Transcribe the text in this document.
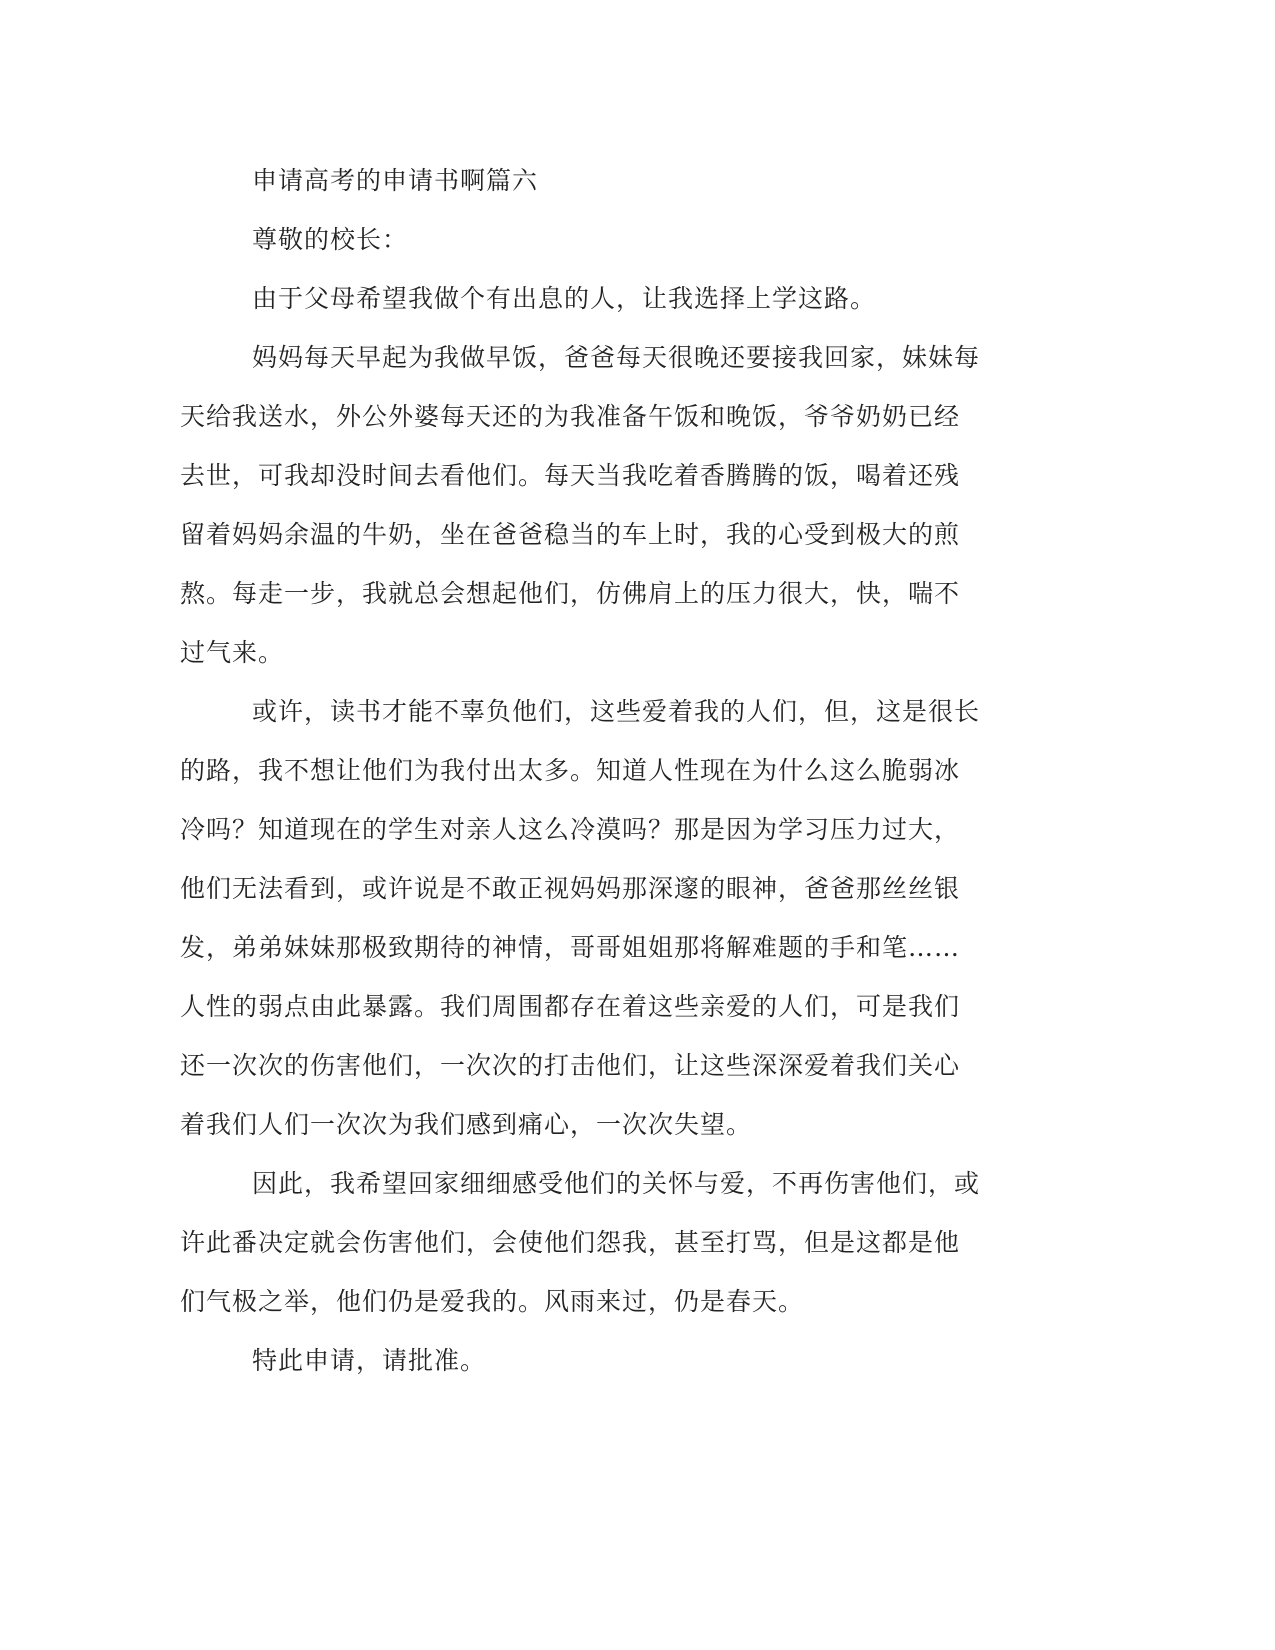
申请高考的申请书啊篇六
尊敬的校长：
由于父母希望我做个有出息的人，让我选择上学这路。
妈妈每天早起为我做早饭，爸爸每天很晚还要接我回家，妹妹每
天给我送水，外公外婆每天还的为我准备午饭和晚饭，爷爷奶奶已经
去世，可我却没时间去看他们。每天当我吃着香腾腾的饭，喝着还残
留着妈妈余温的牛奶，坐在爸爸稳当的车上时，我的心受到极大的煎
熬。每走一步，我就总会想起他们，仿佛肩上的压力很大，快，喘不
过气来。
或许，读书才能不辜负他们，这些爱着我的人们，但，这是很长
的路，我不想让他们为我付出太多。知道人性现在为什么这么脆弱冰
冷吗？知道现在的学生对亲人这么冷漠吗？那是因为学习压力过大，
他们无法看到，或许说是不敢正视妈妈那深邃的眼神，爸爸那丝丝银
发，弟弟妹妹那极致期待的神情，哥哥姐姐那将解难题的手和笔……
人性的弱点由此暴露。我们周围都存在着这些亲爱的人们，可是我们
还一次次的伤害他们，一次次的打击他们，让这些深深爱着我们关心
着我们人们一次次为我们感到痛心，一次次失望。
因此，我希望回家细细感受他们的关怀与爱，不再伤害他们，或
许此番决定就会伤害他们，会使他们怨我，甚至打骂，但是这都是他
们气极之举，他们仍是爱我的。风雨来过，仍是春天。
特此申请，请批准。
